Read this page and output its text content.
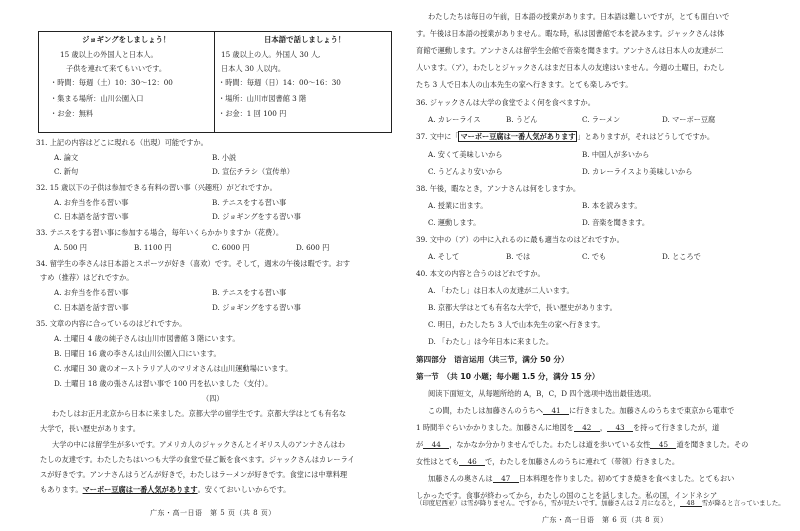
ジョギングをしましょう！
15 歳以上の外国人と日本人。
子供を連れて来てもいいです。
・時間：毎週（土）10：30～12：00
・集まる場所：山川公園入口
・お金：無料
日本語で話しましょう！
15 歳以上の人。外国人 30 人,
日本人 30 人以内。
・時間：毎週（日）14：00～16：30
・場所：山川市図書館 3 階
・お金：1 回 100 円
31. 上記の内容はどこに現れる（出現）可能ですか。
A. 論文	B. 小説
C. 新句	D. 宣伝チラシ（宣传单）
32. 15 歳以下の子供は参加できる有料の習い事（兴趣班）がどれですか。
A. お弁当を作る習い事	B. テニスをする習い事
C. 日本語を話す習い事	D. ジョギングをする習い事
33. テニスをする習い事に参加する場合，毎年いくらかかりますか（花费）。
A. 500 円	B. 1100 円	C. 6000 円	D. 600 円
34. 留学生の李さんは日本語とスポーツが好き（喜欢）です。そして，週末の午後は暇です。おす
すめ（推荐）はどれですか。
A. お弁当を作る習い事	B. テニスをする習い事
C. 日本語を話す習い事	D. ジョギングをする習い事
35. 文章の内容に合っているのはどれですか。
A. 土曜日 4 歳の純子さんは山川市図書館 3 階にいます。
B. 日曜日 16 歳の李さんは山川公園入口にいます。
C. 水曜日 30 歳のオーストラリア人のマリオさんは山川運動場にいます。
D. 土曜日 18 歳の張さんは習い事で 100 円を払いました（支付）。
（四）
わたしはお正月北京から日本に来ました。京都大学の留学生です。京都大学はとても有名な
大学で，長い歴史があります。
大学の中には留学生が多いです。アメリカ人のジャックさんとイギリス人のアンナさんはわ
たしの友達です。わたしたちはいつも大学の食堂で昼ご飯を食べます。ジャックさんはカレーライ
スが好きです。アンナさんはうどんが好きで，わたしはラーメンが好きです。食堂には中華料理
もあります。マーボー豆腐は一番人気があります。安くておいしいからです。
广东・高一日语　第 5 页（共 8 页）
わたしたちは毎日の午前，日本語の授業があります。日本語は難しいですが，とても面白いで
す。午後は日本語の授業がありません。暇な時，私は図書館で本を読みます。ジャックさんは体
育館で運動します。アンナさんは留学生会館で音楽を聞きます。アンナさんは日本人の友達が二
人います。（ア），わたしとジャックさんはまだ日本人の友達はいません。今週の土曜日，わたし
たち 3 人で日本人の山本先生の家へ行きます。とても楽しみです。
36. ジャックさんは大学の食堂でよく何を食べますか。
A. カレーライス	B. うどん	C. ラーメン	D. マーボー豆腐
37. 文中に「 マーボー豆腐は一番人気があります 」とありますが，それはどうしてですか。
A. 安くて美味しいから	B. 中国人が多いから
C. うどんより安いから	D. カレーライスより美味しいから
38. 午後，暇なとき，アンナさんは何をしますか。
A. 授業に出ます。	B. 本を読みます。
C. 運動します。	D. 音楽を聞きます。
39. 文中の（ア）の中に入れるのに最も適当なのはどれですか。
A. そして	B. では	C. でも	D. ところで
40. 本文の内容と合うのはどれですか。
A. 「わたし」は日本人の友達が二人います。
B. 京都大学はとても有名な大学で，長い歴史があります。
C. 明日，わたしたち 3 人で山本先生の家へ行きます。
D. 「わたし」は今年日本に来ました。
第四部分　语言运用（共三节，满分 50 分）
第一节　（共 10 小题；每小题 1.5 分，满分 15 分）
阅读下面短文，从每题所给的 A，B，C，D 四个选项中选出最佳选项。
この間，わたしは加藤さんのうちへ 41 に行きました。加藤さんのうちまで東京から電車で
1 時間半ぐらいかかりました。加藤さんに地図を 42 ， 43 を持って行きましたが，道
が 44 ，なかなか分かりませんでした。わたしは道を歩いている女性 45 道を聞きました。その
女性はとても 46 で，わたしを加藤さんのうちに連れて（带领）行きました。
加藤さんの奥さんは 47 日本料理を作りました。初めてすき焼きを食べました。とてもおい
しかったです。食事が終わってから，わたしの国のことを話しました。私の国，インドネシア
广东・高一日语　第 6 页（共 8 页）
（印度尼西亚）は雪が降りません。ですから，雪が見たいです。加藤さんは 2 月になると， 48 雪が降ると言っていました。
